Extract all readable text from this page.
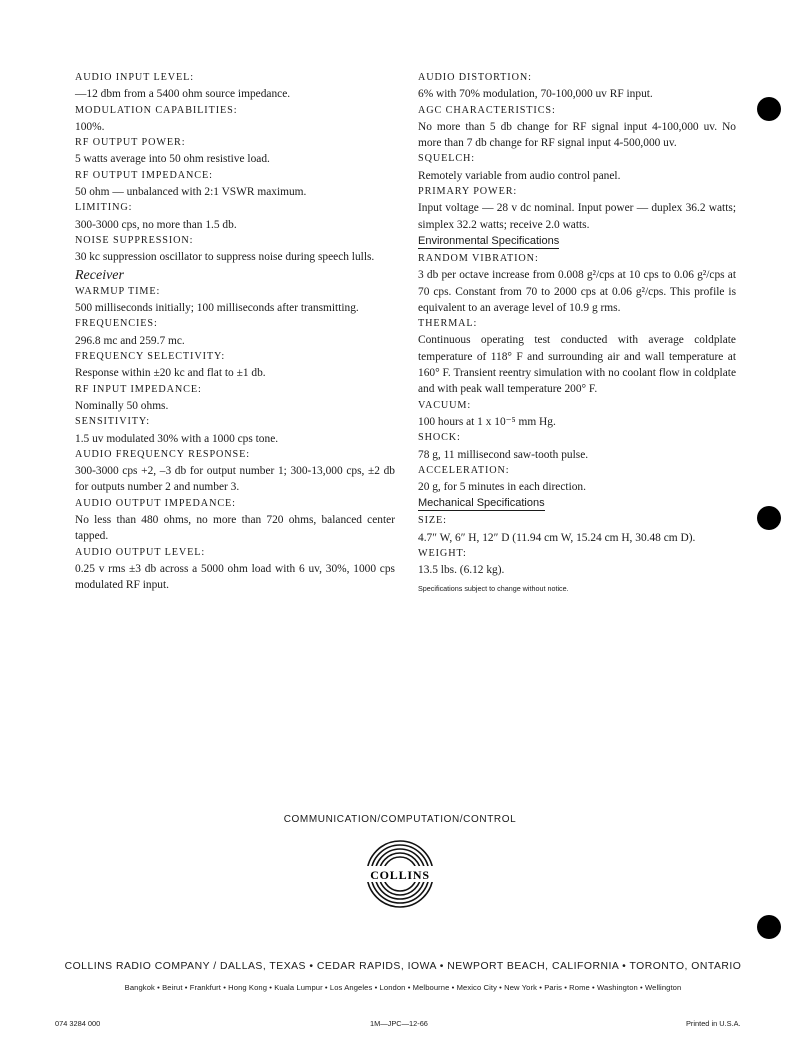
AUDIO INPUT LEVEL:
—12 dbm from a 5400 ohm source impedance.
MODULATION CAPABILITIES:
100%.
RF OUTPUT POWER:
5 watts average into 50 ohm resistive load.
RF OUTPUT IMPEDANCE:
50 ohm — unbalanced with 2:1 VSWR maximum.
LIMITING:
300-3000 cps, no more than 1.5 db.
NOISE SUPPRESSION:
30 kc suppression oscillator to suppress noise during speech lulls.
Receiver
WARMUP TIME:
500 milliseconds initially; 100 milliseconds after transmitting.
FREQUENCIES:
296.8 mc and 259.7 mc.
FREQUENCY SELECTIVITY:
Response within ±20 kc and flat to ±1 db.
RF INPUT IMPEDANCE:
Nominally 50 ohms.
SENSITIVITY:
1.5 uv modulated 30% with a 1000 cps tone.
AUDIO FREQUENCY RESPONSE:
300-3000 cps +2, –3 db for output number 1; 300-13,000 cps, ±2 db for outputs number 2 and number 3.
AUDIO OUTPUT IMPEDANCE:
No less than 480 ohms, no more than 720 ohms, balanced center tapped.
AUDIO OUTPUT LEVEL:
0.25 v rms ±3 db across a 5000 ohm load with 6 uv, 30%, 1000 cps modulated RF input.
AUDIO DISTORTION:
6% with 70% modulation, 70-100,000 uv RF input.
AGC CHARACTERISTICS:
No more than 5 db change for RF signal input 4-100,000 uv. No more than 7 db change for RF signal input 4-500,000 uv.
SQUELCH:
Remotely variable from audio control panel.
PRIMARY POWER:
Input voltage — 28 v dc nominal. Input power — duplex 36.2 watts; simplex 32.2 watts; receive 2.0 watts.
Environmental Specifications
RANDOM VIBRATION:
3 db per octave increase from 0.008 g²/cps at 10 cps to 0.06 g²/cps at 70 cps. Constant from 70 to 2000 cps at 0.06 g²/cps. This profile is equivalent to an average level of 10.9 g rms.
THERMAL:
Continuous operating test conducted with average coldplate temperature of 118° F and surrounding air and wall temperature at 160° F. Transient reentry simulation with no coolant flow in coldplate and with peak wall temperature 200° F.
VACUUM:
100 hours at 1 x 10⁻⁵ mm Hg.
SHOCK:
78 g, 11 millisecond saw-tooth pulse.
ACCELERATION:
20 g, for 5 minutes in each direction.
Mechanical Specifications
SIZE:
4.7″ W, 6″ H, 12″ D (11.94 cm W, 15.24 cm H, 30.48 cm D).
WEIGHT:
13.5 lbs. (6.12 kg).
Specifications subject to change without notice.
COMMUNICATION/COMPUTATION/CONTROL
COLLINS
COLLINS RADIO COMPANY / DALLAS, TEXAS • CEDAR RAPIDS, IOWA • NEWPORT BEACH, CALIFORNIA • TORONTO, ONTARIO
Bangkok • Beirut • Frankfurt • Hong Kong • Kuala Lumpur • Los Angeles • London • Melbourne • Mexico City • New York • Paris • Rome • Washington • Wellington
074 3284 000	1M—JPC—12-66	Printed in U.S.A.
